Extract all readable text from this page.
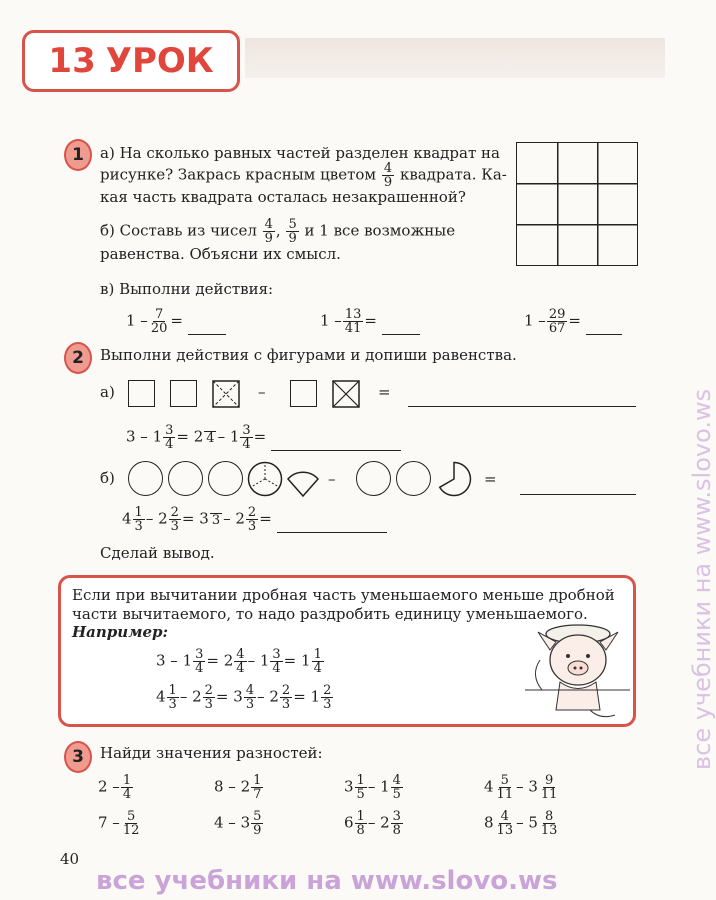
13 УРОК
1	а) На сколько равных частей разделен квадрат на
рисунке? Закрась красным цветом $\frac{4}{9}$ квадрата. Ка-
кая часть квадрата осталась незакрашенной?
б) Составь из чисел $\frac{4}{9}$ , $\frac{5}{9}$ и 1 все возможные
равенства. Объясни их смысл.
в) Выполни действия:
$1 - \frac{7}{20}$ =	$1 - \frac{13}{41}$ =	$1 - \frac{29}{67}$ =
2	Выполни действия с фигурами и допиши равенства.
а)	–	=
$3 - 1 \frac{3}{4} = 2$ $4 - 1 \frac{3}{4}$ =
б)	–	=
$4 \frac{1}{3} - 2 \frac{2}{3} = 3$ $3 - 2 \frac{2}{3}$ =
Сделай вывод.
Если при вычитании дробная часть уменьшаемого меньше дробной
части вычитаемого, то надо раздробить единицу уменьшаемого.
Например:
$3 - 1 \frac{3}{4} = 2 \frac{4}{4} - 1 \frac{3}{4} = 1 \frac{1}{4}$
$4 \frac{1}{3} - 2 \frac{2}{3} = 3 \frac{4}{3} - 2 \frac{2}{3} = 1 \frac{2}{3}$
3	Найди значения разностей:
$2 - \frac{1}{4}$	$8 - 2 \frac{1}{7}$	$3 \frac{1}{5} - 1 \frac{4}{5}$	$4 \frac{5}{11} - 3 \frac{9}{11}$
$7 - \frac{5}{12}$	$4 - 3 \frac{5}{9}$	$6 \frac{1}{8} - 2 \frac{3}{8}$	$8 \frac{4}{13} - 5 \frac{8}{13}$
40
все учебники на www.slovo.ws
все учебники на www.slovo.ws
